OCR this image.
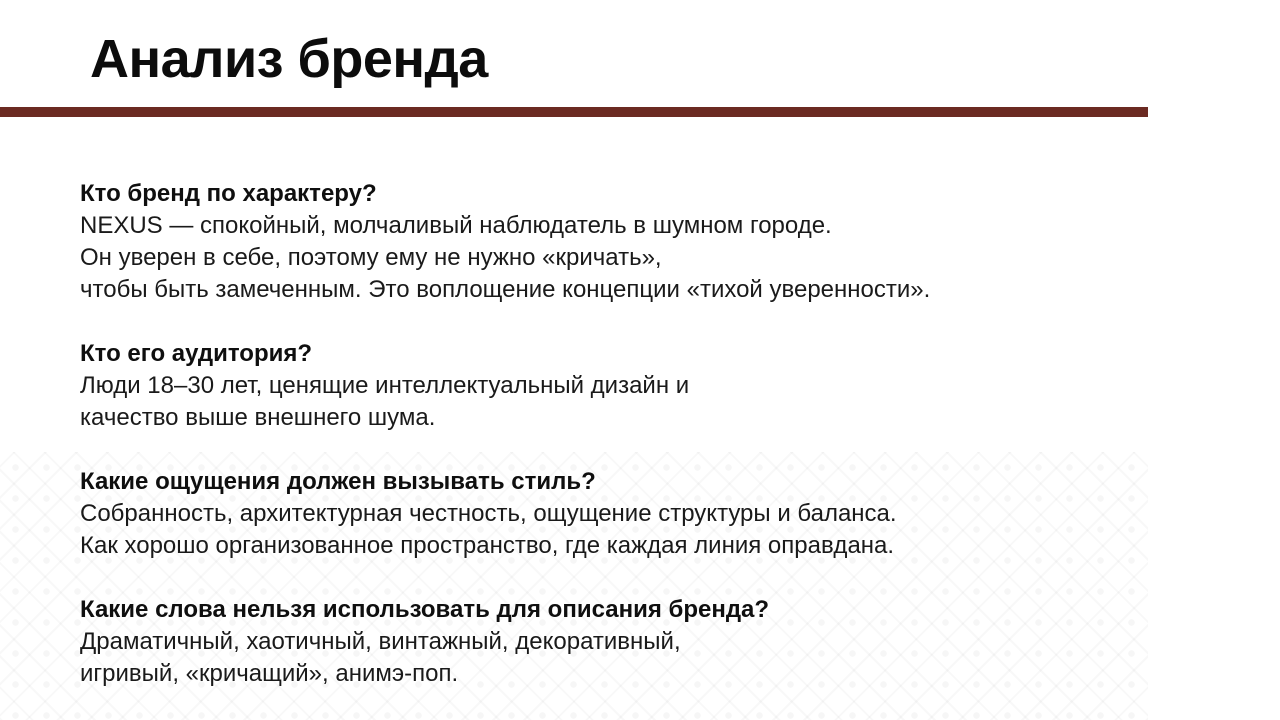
Анализ бренда
Кто бренд по характеру?
NEXUS — спокойный, молчаливый наблюдатель в шумном городе.
Он уверен в себе, поэтому ему не нужно «кричать»,
чтобы быть замеченным. Это воплощение концепции «тихой уверенности».
Кто его аудитория?
Люди 18–30 лет, ценящие интеллектуальный дизайн и
качество выше внешнего шума.
Какие ощущения должен вызывать стиль?
Собранность, архитектурная честность, ощущение структуры и баланса.
Как хорошо организованное пространство, где каждая линия оправдана.
Какие слова нельзя использовать для описания бренда?
Драматичный, хаотичный, винтажный, декоративный,
игривый, «кричащий», анимэ-поп.
